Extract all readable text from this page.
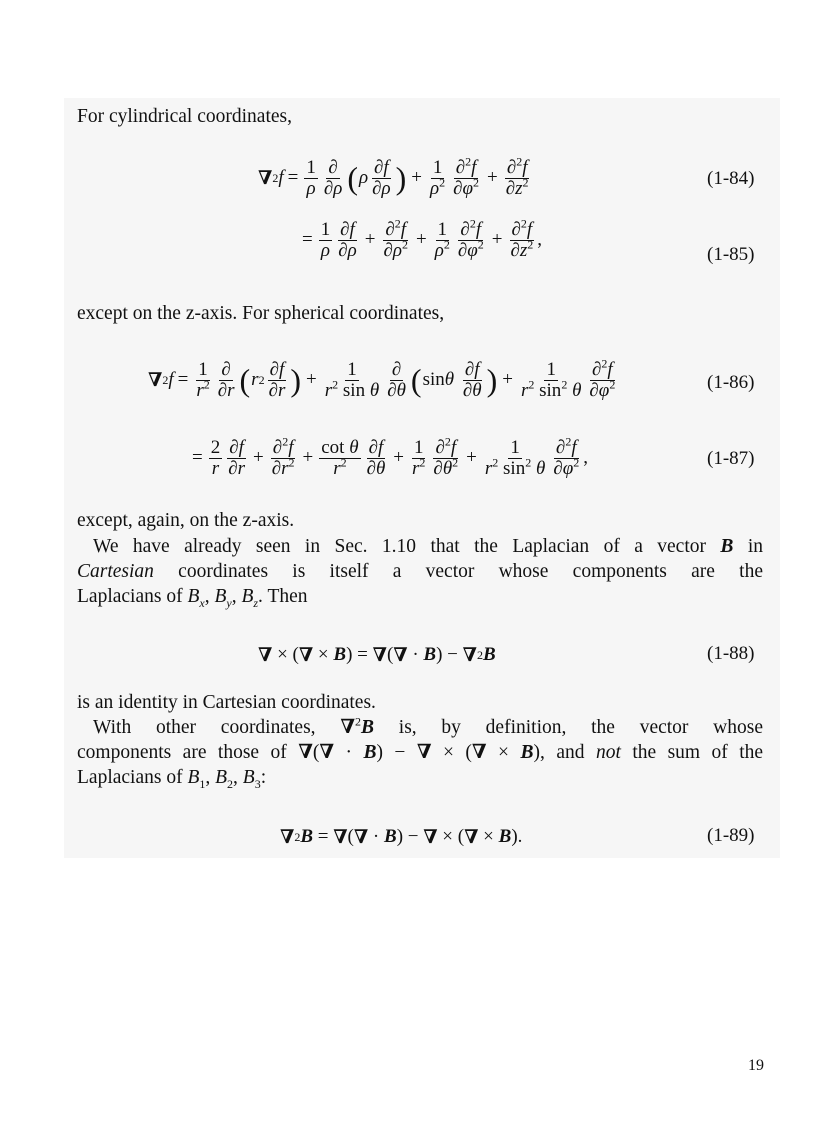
For cylindrical coordinates,

∇ 2 $f = \frac{1}{\rho} \frac{\partial}{\partial\rho}$ ( ρ $\frac{\partial f}{\partial\rho}$ ) + $\frac{1}{\rho^2} \frac{\partial^2f}{\partial\varphi^2} + \frac{\partial^2f}{\partial z^2}$	(1-84)
= $\frac{1}{\rho} \frac{\partial f}{\partial\rho} + \frac{\partial^2f}{\partial\rho^2} + \frac{1}{\rho^2} \frac{\partial^2f}{\partial\varphi^2} + \frac{\partial^2f}{\partial z^2}$ ,
(1-85)

except on the z-axis. For spherical coordinates,

∇ 2 $f = \frac{1}{r^2} \frac{\partial}{\partial r}$ ( r $2 \frac{\partial f}{\partial r}$ ) + $\frac{1}{r^2 \sin \theta} \frac{\partial}{\partial\theta}$ ( sin θ
$\frac{\partial f}{\partial\theta}$ ) + $\frac{1}{r^2 \sin^2 \theta} \frac{\partial^2f}{\partial\varphi^2}$	(1-86)
= $\frac{2}{r} \frac{\partial f}{\partial r} + \frac{\partial^2f}{\partial r^2} + \frac{\text{cot θ}}{r^2} \frac{\partial f}{\partial\theta} + \frac{1}{r^2} \frac{\partial^2f}{\partial\theta^2} + \frac{1}{r^2 \sin^2 \theta} \frac{\partial^2f}{\partial\varphi^2}$ ,	(1-87)

except, again, on the z-axis.

We have already seen in Sec. 1.10 that the Laplacian of a vector B in
Cartesian coordinates is itself a vector whose components are the
Laplacians of $B_x$, $B_y$, $B_z$. Then
∇ × ( ∇ × B ) = ∇ ( ∇ · B ) − ∇ 2 B	(1-88)

is an identity in Cartesian coordinates.

With other coordinates, ∇$^2$B is, by definition, the vector whose
components are those of ∇(∇ · B) − ∇ × (∇ × B), and not the sum of the
Laplacians of $B_1$, $B_2$, $B_3$:
∇ 2 B = ∇ ( ∇ · B ) − ∇ × ( ∇ × B ).	(1-89)
19
